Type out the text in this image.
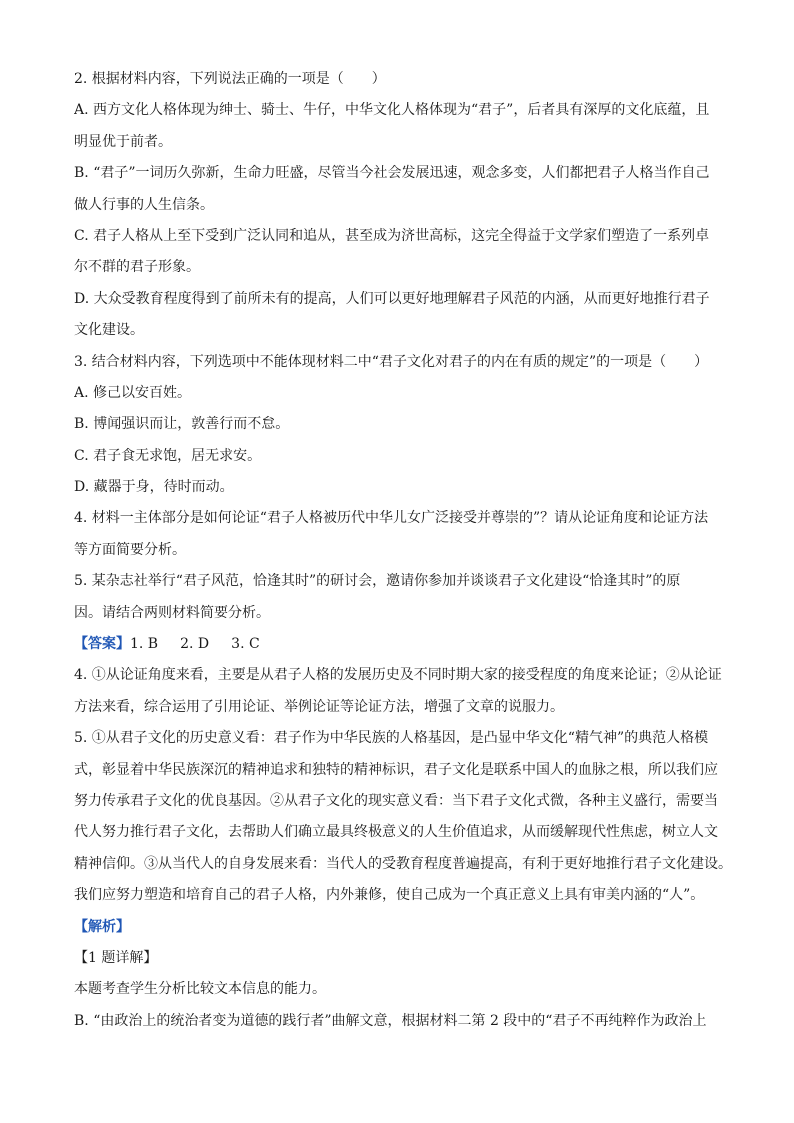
2. 根据材料内容，下列说法正确的一项是（　　）
A. 西方文化人格体现为绅士、骑士、牛仔，中华文化人格体现为“君子”，后者具有深厚的文化底蕴，且
明显优于前者。
B. “君子”一词历久弥新，生命力旺盛，尽管当今社会发展迅速，观念多变，人们都把君子人格当作自己
做人行事的人生信条。
C. 君子人格从上至下受到广泛认同和追从，甚至成为济世高标，这完全得益于文学家们塑造了一系列卓
尔不群的君子形象。
D. 大众受教育程度得到了前所未有的提高，人们可以更好地理解君子风范的内涵，从而更好地推行君子
文化建设。
3. 结合材料内容，下列选项中不能体现材料二中“君子文化对君子的内在有质的规定”的一项是（　　）
A. 修己以安百姓。
B. 博闻强识而让，敦善行而不怠。
C. 君子食无求饱，居无求安。
D. 藏器于身，待时而动。
4. 材料一主体部分是如何论证“君子人格被历代中华儿女广泛接受并尊崇的”？请从论证角度和论证方法
等方面简要分析。
5. 某杂志社举行“君子风范，恰逢其时”的研讨会，邀请你参加并谈谈君子文化建设“恰逢其时”的原
因。请结合两则材料简要分析。
【答案】1. B 2. D 3. C
4. ①从论证角度来看，主要是从君子人格的发展历史及不同时期大家的接受程度的角度来论证；②从论证
方法来看，综合运用了引用论证、举例论证等论证方法，增强了文章的说服力。
5. ①从君子文化的历史意义看：君子作为中华民族的人格基因，是凸显中华文化“精气神”的典范人格模
式，彰显着中华民族深沉的精神追求和独特的精神标识，君子文化是联系中国人的血脉之根，所以我们应
努力传承君子文化的优良基因。②从君子文化的现实意义看：当下君子文化式微，各种主义盛行，需要当
代人努力推行君子文化，去帮助人们确立最具终极意义的人生价值追求，从而缓解现代性焦虑，树立人文
精神信仰。③从当代人的自身发展来看：当代人的受教育程度普遍提高，有利于更好地推行君子文化建设。
我们应努力塑造和培育自己的君子人格，内外兼修，使自己成为一个真正意义上具有审美内涵的“人”。
【解析】
【1 题详解】
本题考查学生分析比较文本信息的能力。
B. “由政治上的统治者变为道德的践行者”曲解文意，根据材料二第 2 段中的“君子不再纯粹作为政治上
